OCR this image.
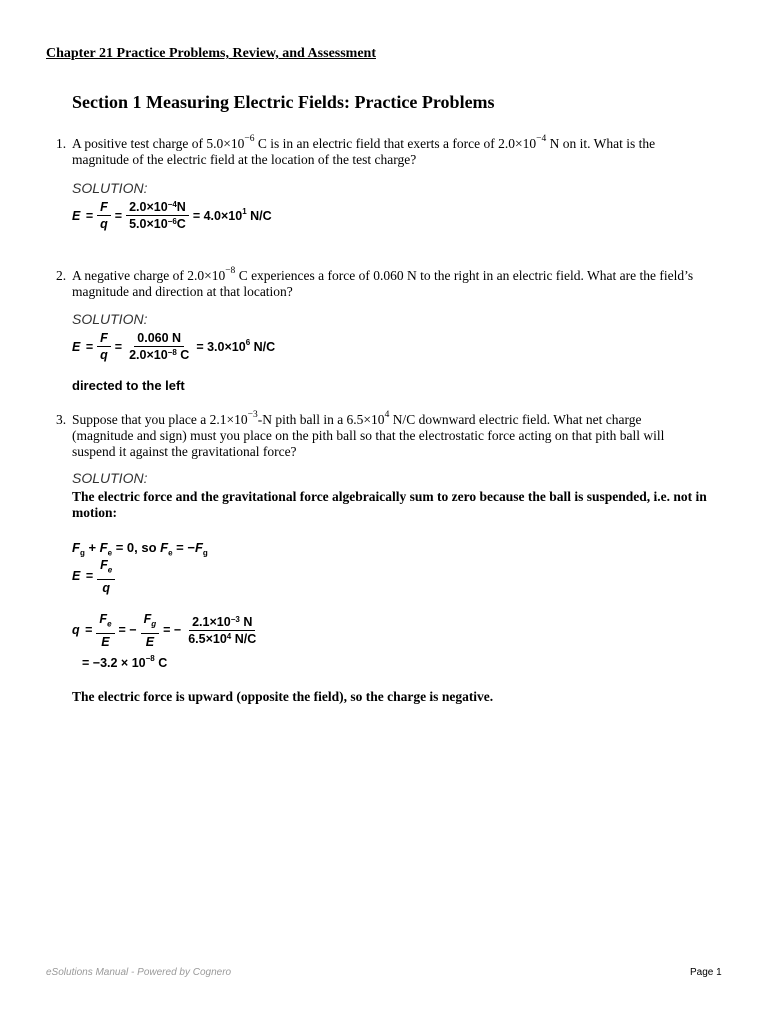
Chapter 21 Practice Problems, Review, and Assessment
Section 1 Measuring Electric Fields: Practice Problems
1. A positive test charge of $5.0\times 10^{-6}$ C is in an electric field that exerts a force of $2.0\times 10^{-4}$ N on it. What is the magnitude of the electric field at the location of the test charge?
SOLUTION:
$E = \frac{F}{q} = \frac{2.0\times 10^{-4}N}{5.0\times 10^{-6}C} = 4.0\times 10^1$ N/C
2. A negative charge of $2.0\times 10^{-8}$ C experiences a force of 0.060 N to the right in an electric field. What are the field’s magnitude and direction at that location?
SOLUTION:
$E = \frac{F}{q} = \frac{0.060 N}{2.0\times 10^{-8} C} = 3.0\times 10^6$ N/C
directed to the left
3. Suppose that you place a $2.1\times 10^{-3}-N$ pith ball in a $6.5\times 10^4$ N/C downward electric field. What net charge (magnitude and sign) must you place on the pith ball so that the electrostatic force acting on that pith ball will suspend it against the gravitational force?
SOLUTION:
The electric force and the gravitational force algebraically sum to zero because the ball is suspended, i.e. not in motion:
$F_g + F_e = 0$, so $F_e = -F_g$
$E = \frac{F_e}{q}$
$q = \frac{F_e}{E}$ = − $\frac{F_g}{E}$ = − $\frac{2.1\times 10^{-3} N}{6.5\times 10^4 N/C}$
= $-3.2 \times 10^{-8}$ C
The electric force is upward (opposite the field), so the charge is negative.
eSolutions Manual - Powered by Cognero	Page 1
